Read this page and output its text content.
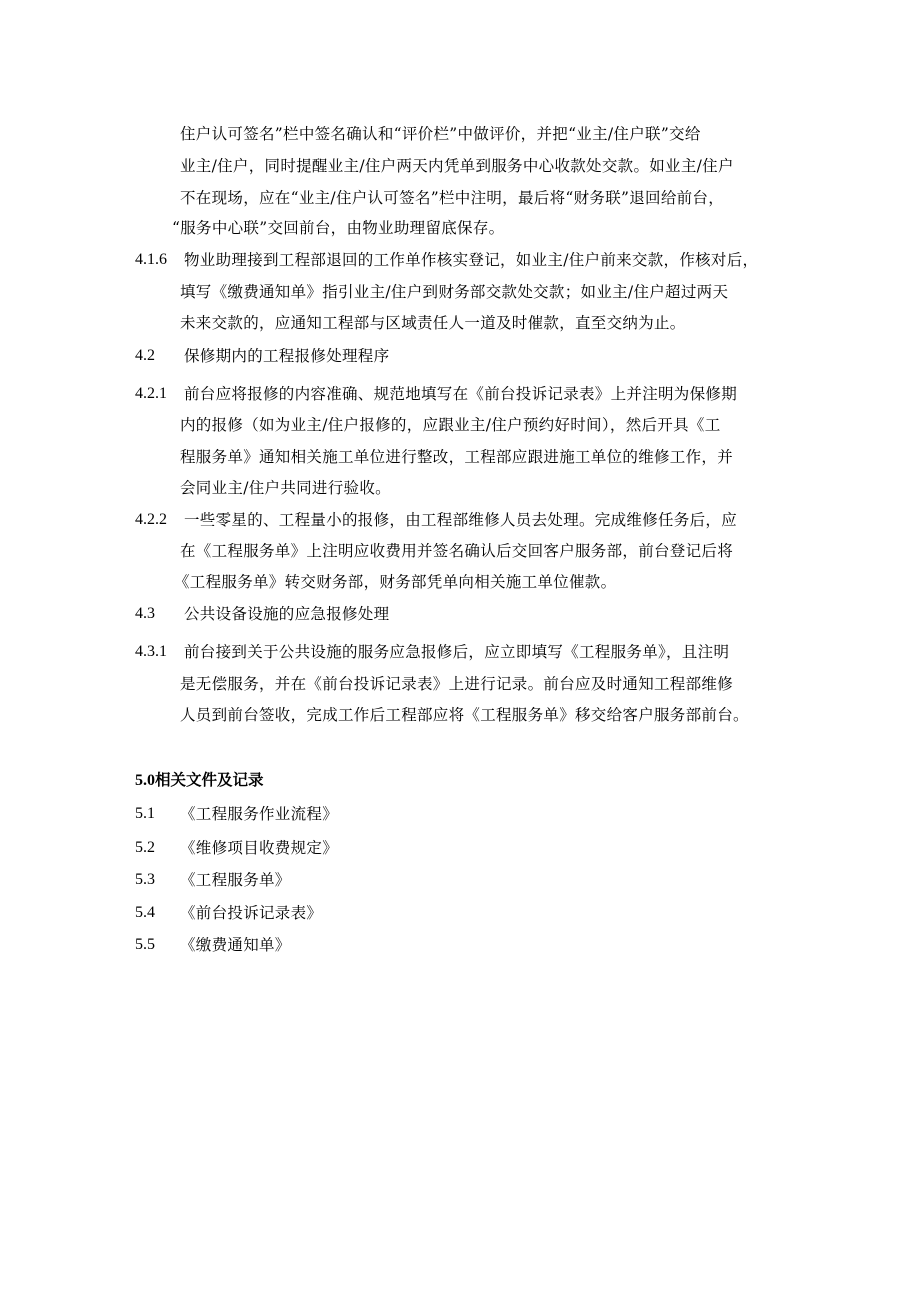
住户认可签名”栏中签名确认和“评价栏”中做评价，并把“业主/住户联”交给
业主/住户，同时提醒业主/住户两天内凭单到服务中心收款处交款。如业主/住户
不在现场，应在“业主/住户认可签名”栏中注明，最后将“财务联”退回给前台，
“服务中心联”交回前台，由物业助理留底保存。
4.1.6 物业助理接到工程部退回的工作单作核实登记，如业主/住户前来交款，作核对后，
填写《缴费通知单》指引业主/住户到财务部交款处交款；如业主/住户超过两天
未来交款的，应通知工程部与区域责任人一道及时催款，直至交纳为止。
4.2 保修期内的工程报修处理程序
4.2.1 前台应将报修的内容准确、规范地填写在《前台投诉记录表》上并注明为保修期
内的报修（如为业主/住户报修的，应跟业主/住户预约好时间），然后开具《工
程服务单》通知相关施工单位进行整改，工程部应跟进施工单位的维修工作，并
会同业主/住户共同进行验收。
4.2.2 一些零星的、工程量小的报修，由工程部维修人员去处理。完成维修任务后，应
在《工程服务单》上注明应收费用并签名确认后交回客户服务部，前台登记后将
《工程服务单》转交财务部，财务部凭单向相关施工单位催款。
4.3 公共设备设施的应急报修处理
4.3.1 前台接到关于公共设施的服务应急报修后，应立即填写《工程服务单》，且注明
是无偿服务，并在《前台投诉记录表》上进行记录。前台应及时通知工程部维修
人员到前台签收，完成工作后工程部应将《工程服务单》移交给客户服务部前台。
5.0相关文件及记录
5.1 《工程服务作业流程》
5.2 《维修项目收费规定》
5.3 《工程服务单》
5.4 《前台投诉记录表》
5.5 《缴费通知单》
